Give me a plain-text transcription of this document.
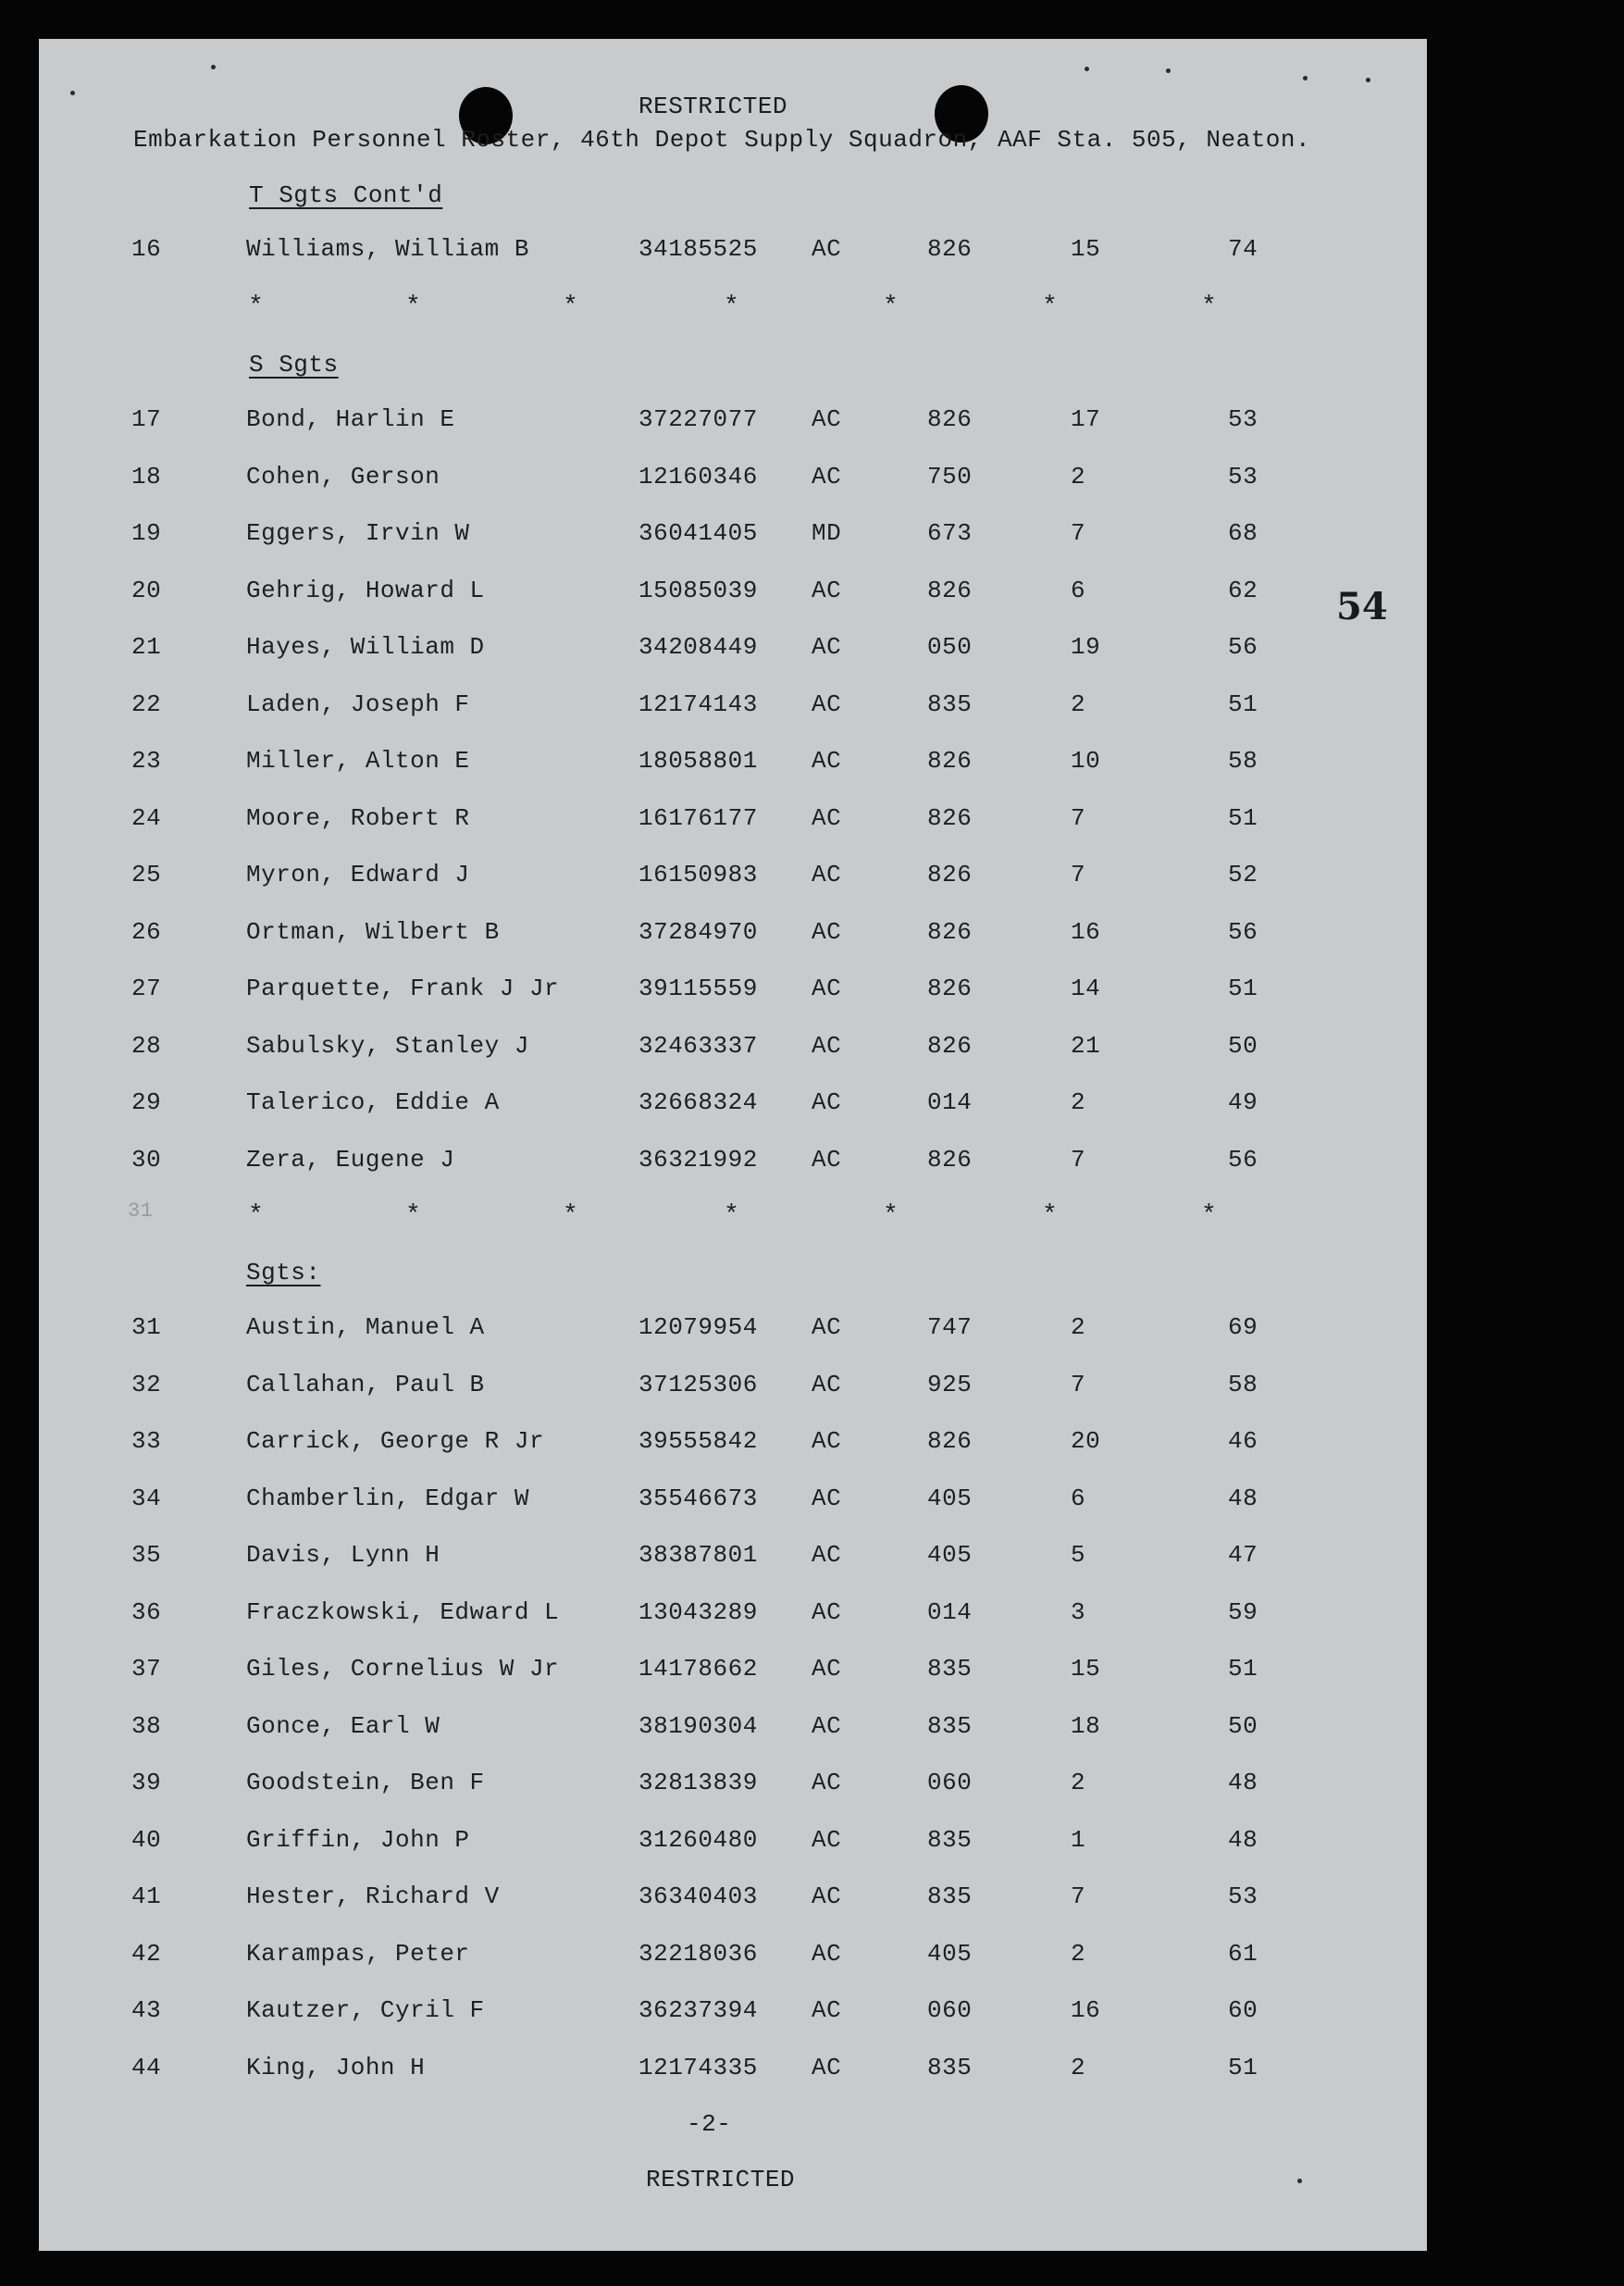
RESTRICTED
Embarkation Personnel Roster, 46th Depot Supply Squadron, AAF Sta. 505, Neaton.
54
T Sgts Cont'd
16	Williams, William B	34185525 AC	826	15	74
*	*	*	*	*	*	*
S Sgts
17	Bond, Harlin E	37227077 AC	826	17	53
18	Cohen, Gerson	12160346 AC	750	2	53
19	Eggers, Irvin W	36041405 MD	673	7	68
20	Gehrig, Howard L	15085039 AC	826	6	62
21	Hayes, William D	34208449 AC	050	19	56
22	Laden, Joseph F	12174143 AC	835	2	51
23	Miller, Alton E	18058801 AC	826	10	58
24	Moore, Robert R	16176177 AC	826	7	51
25	Myron, Edward J	16150983 AC	826	7	52
26	Ortman, Wilbert B	37284970 AC	826	16	56
27	Parquette, Frank J Jr	39115559 AC	826	14	51
28	Sabulsky, Stanley J	32463337 AC	826	21	50
29	Talerico, Eddie A	32668324 AC	014	2	49
30	Zera, Eugene J	36321992 AC	826	7	56
31	*	*	*	*	*	*	*
Sgts:
31	Austin, Manuel A	12079954 AC	747	2	69
32	Callahan, Paul B	37125306 AC	925	7	58
33	Carrick, George R Jr	39555842 AC	826	20	46
34	Chamberlin, Edgar W	35546673 AC	405	6	48
35	Davis, Lynn H	38387801 AC	405	5	47
36	Fraczkowski, Edward L	13043289 AC	014	3	59
37	Giles, Cornelius W Jr	14178662 AC	835	15	51
38	Gonce, Earl W	38190304 AC	835	18	50
39	Goodstein, Ben F	32813839 AC	060	2	48
40	Griffin, John P	31260480 AC	835	1	48
41	Hester, Richard V	36340403 AC	835	7	53
42	Karampas, Peter	32218036 AC	405	2	61
43	Kautzer, Cyril F	36237394 AC	060	16	60
44	King, John H	12174335 AC	835	2	51
-2-
RESTRICTED
